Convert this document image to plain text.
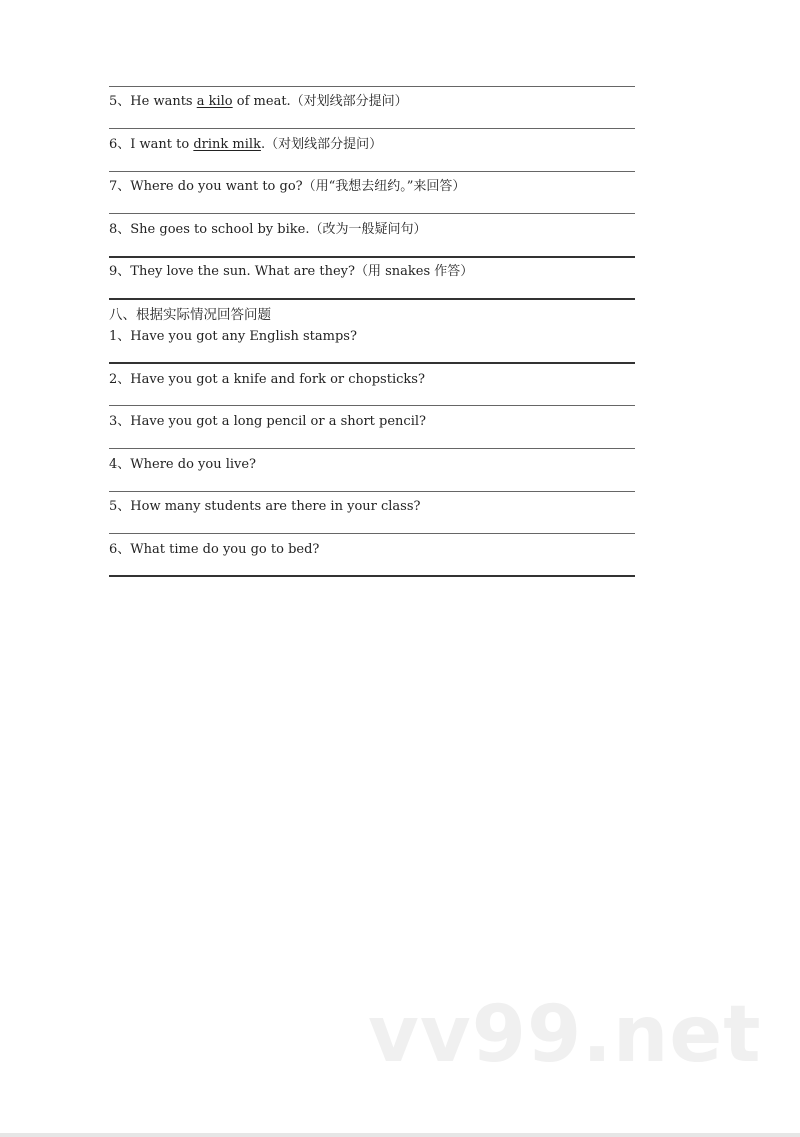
5、He wants a kilo of meat.（对划线部分提问）
6、I want to drink milk.（对划线部分提问）
7、Where do you want to go?（用“我想去纽约。”来回答）
8、She goes to school by bike.（改为一般疑问句）
9、They love the sun. What are they?（用 snakes 作答）
八、根据实际情况回答问题
1、Have you got any English stamps?
2、Have you got a knife and fork or chopsticks?
3、Have you got a long pencil or a short pencil?
4、Where do you live?
5、How many students are there in your class?
6、What time do you go to bed?
vv99.net
